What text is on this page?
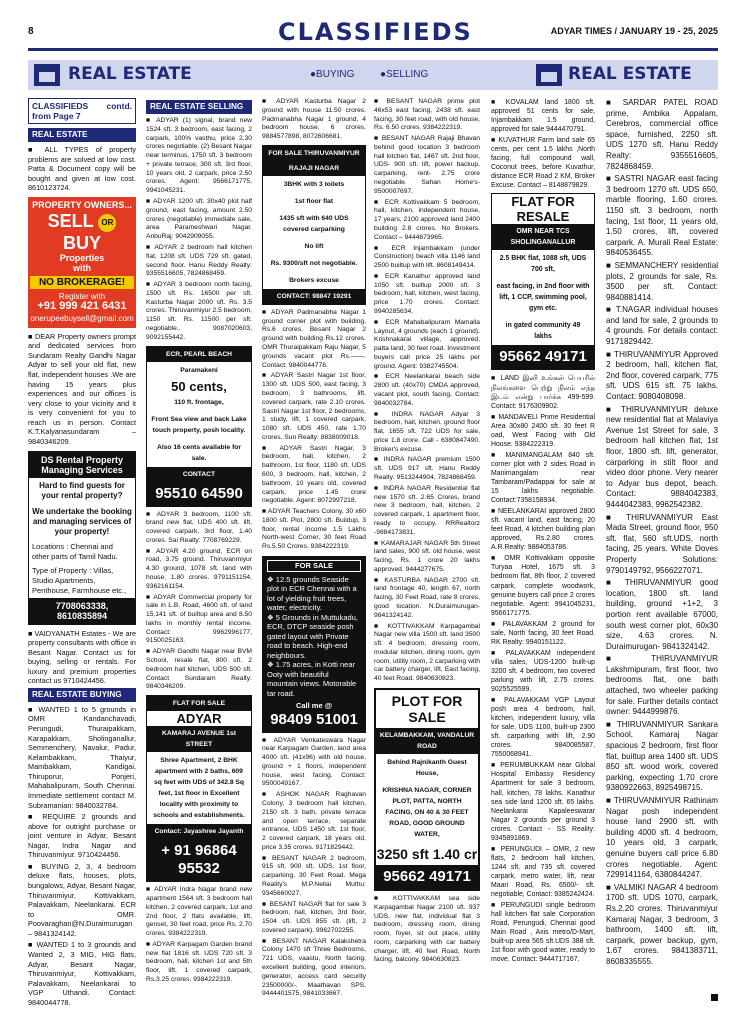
8	CLASSIFIEDS	ADYAR TIMES / JANUARY 19 - 25, 2025
REAL ESTATE	● BUYING	● SELLING	REAL ESTATE
CLASSIFIEDS contd. from Page 7
REAL ESTATE

■ ALL TYPES of property problems are solved at low cost. Patta & Document copy will be bought and given at low cost. 8610123724.

PROPERTY OWNERS...
SELL OR BUY
Properties
with
NO BROKERAGE!
Register with
+91 999 421 6431
onerupeebuysell@gmail.com

■ DEAR Property owners prompt and dedicated services from Sundaram Realty Gandhi Nagar Adyar to sell your old flat, new flat, independent houses .We are having 15 years plus experiences and our offices is very close to your vicinity and it is very convenient for you to reach us in person. Contact K.T.Kalyanasundaram – 9840346209.

DS Rental Property Managing Services
Hard to find guests for your rental property?
We undertake the booking and managing services of your property!
Locations : Chennai and other parts of Tamil Nadu.
Type of Property : Villas, Studio Apartments, Penthouse, Farmhouse etc.,
7708063338, 8610835894

■ VAIDYANATH Estates - We are property consultants with office in Besant Nagar. Contact us for buying, selling or rentals. For luxury and premium properties contact us 9710424456.

REAL ESTATE BUYING

■ WANTED 1 to 5 grounds in OMR Kandanchavadi, Perungudi, Thuraipakkam, Karapakkam, Sholinganallur, Semmenchery, Navalur, Padur, Kelambakkam, Thaiyur, Mambakkam, Kandigai, Thiruporur, Ponjeri, Mahabalipuram, South Chennai. Immediate settlement contact M. Subramanian: 9840032784.

■ REQUIRE 2 grounds and above for outright purchase or joint venture in Adyar, Besant Nagar, Indra Nagar and Thiruvanmiyur. 9710424456.

■ BUYING 2, 3, 4 bedroom deluxe flats, houses, plots, bungalows, Adyar, Besant Nagar, Thiruvanmiyur, Kottivakkam, Palavakkam, Neelankarai. ECR to OMR. Poovaraghan@N.Duraimurugan – 9841324142.

■ WANTED 1 to 3 grounds and Wanted 2, 3 MIG, HIG flats, Adyar, Besant Nagar, Thiruvanmiyur, Kottivakkam, Palavakkam, Neelankarai to VGP Uthandi. Contact: 9840044778.

REAL ESTATE SELLING

■ ADYAR (1) signal, brand new 1524 sft. 3 bedroom, east facing, 2 carpark, 100% vasthu, price 2.30 crores negotiable. (2) Besant Nagar near terminus, 1750 sft. 3 bedroom + private terrace, 300 sft. 3rd floor, 10 years old, 2 carpark, price 2.50 crores. Agent: 9566171775, 9941045231.

■ ADYAR 1200 sft. 30x40 plot half ground, east facing, amount 2.50 crores (negotiable) immediate sale, area Parameshwari Nagar. AnbuRaj: 9042909055.

■ ADYAR 2 bedroom hall kitchen flat, 1208 sft. UDS 729 sft. gated, second floor. Hanu Reddy Realty: 9355516605, 7824868459.

■ ADYAR 3 bedroom north facing, 1500 sft. Rs. 16500 per sft. Kasturba Nagar 2000 sft. Rs. 3.5 crores. Thiruvanmiyur 2.5 bedroom, 1150 sft. Rs. 11500 per sft. negotiable.. 9087020603, 9092155442.

ECR, PEARL BEACH
Paramakeni
50 cents,
110 ft. frontage,
Front Sea view and back Lake touch property, posh locality.
Also 16 cents available for sale.
CONTACT
95510 64590

■ ADYAR 3 bedroom, 1100 sft. brand new flat, UDS 400 sft. lift, covered carpark, 3rd floor, 1.40 crores. Sai Realty: 7708769229.

■ ADYAR 4.20 ground, ECR on road, 3.75 ground. Thiruvanmiyur 4.30 ground, 1078 sft. land with house, 1.80 crores. 9791151154, 9362161154.

■ ADYAR Commercial property for sale in L.B. Road, 4600 sft. of land 15,141 sft. of builtup area and 8.50 lakhs in monthly rental income. Contact: 9962996177, 9150025163.

■ ADYAR Gandhi Nagar near BVM School, resale flat, 800 sft. 2 bedroom hall kitchen, UDS 500 sft. Contact Sundaram Realty: 9840346209.

FLAT FOR SALE
ADYAR
KAMARAJ AVENUE 1st STREET
Shree Apartment, 2 BHK apartment with 2 baths, 609 sq feet with UDS of 342.8 Sq feet, 1st floor in Excellent locality with proximity to schools and establishments.
Contact: Jayashree Jayanth
+ 91 96864 95532

■ ADYAR Indra Nagar brand new apartment 1564 sft. 3 bedroom hall kitchen, 2 covered carpark, 1st and 2nd floor, 2 flats available, lift, genset, 30 feet road, price Rs. 2.70 crores. 9384222319.

■ ADYAR Karpagam Garden brand new flat 1816 sft. UDS 720 sft. 3 bedroom, hall, kitchen 1st and 5th floor, lift, 1 covered carpark, Rs.3.25 crores. 9384222319.

■ ADYAR Kasturba Nagar 2 ground with house 11.50 crores. Padmanabha Nagar 1 ground, 4 bedroom house, 6 crores. 9884577898, 8072606681.

FOR SALE THIRUVANMIYUR
RAJAJI NAGAR
3BHK with 3 toilets
1st floor flat
1435 sft with 640 UDS covered carparking
No lift
Rs. 9300/sft not negotiable.
Brokers excuse
CONTACT: 98847 19291

■ ADYAR Padmanabha Nagar 1 ground corner plot with building, Rs.6 crores. Besant Nagar 2 ground with building Rs.12 crores. OMR Thuraipakkam Raju Nagar, 5 grounds vacant plot Rs.——. Contact: 9840044778.

■ ADYAR Sastri Nagar 1st floor, 1300 sft. UDS 500, east facing, 3 bedroom, 3 bathrooms, lift, covered carpark, rate 2.10 crores. Sastri Nagar 1st floor, 2 bedrooms, 1 study, lift, 1 covered carpark, 1080 sft. UDS 450, rate 1.70 crores. Sun Realty: 8838009018.

■ ADYAR Sastri Nagar, 3 bedroom, hall, kitchen, 2 bathroom, 1st floor, 1180 sft. UDS 600, 3 bedroom, hall, kitchen, 2 bathroom, 10 years old, covered carpark, price 1.45 crore negotiable. Agent: 8072997218.

■ ADYAR Teachers Colony, 30 x60 1800 sft. Plot, 2800 sft. Buildup, 3 floor, rental income 1.5 Lakhs North-west Corner, 30 feet Road Rs.5.50 Crores. 9384222319.

FOR SALE
❖ 12.5 grounds Seaside plot in ECR Chennai with a lot of yielding fruit trees, water, electricity.
❖ 5 Grounds in Muttukadu, ECR, DTCP seaside posh gated layout with Private road to beach. High-end neighbours.
❖ 1.75 acres, in Kotti near Ooty with beautiful mountain views. Motorable tar road.
Call me @
98409 51001

■ ADYAR Venkateswara Nagar near Karpagam Garden, land area 4000 sft. (41x96) with old house, ground + 1 floors, independent house, west facing. Contact: 9500049167.

■ ASHOK NAGAR Raghavan Colony, 3 bedroom hall kitchen, 2150 sft. 3 bath, private terrace and open terrace, separate entrance, UDS 1450 sft. 1st floor, 2 covered carpark, 18 years old, price 3.35 crores. 9171829442.

■ BESANT NAGAR 2 bedroom, 915 sft. 900 sft. UDS, 1st floor, carparking, 30 Feet Road. Mega Reality's M.P.Nellai Muthu: 9345660027.

■ BESANT NAGAR flat for sale 3 bedroom, hall, kitchen, 3rd floor, 1504 sft. UDS 855 sft. (lift, 2 covered carpark). 9962702255.

■ BESANT NAGAR Kalakshetra Colony 1470 sft Three Bedrooms, 721 UDS, vaastu, North facing, excellent building, good interiors, generator, access card security 23500000/-. Maathavan SPS, 9444401575, 9841033667.

■ BESANT NAGAR prime plot 46x53 east facing, 2438 sft. east facing, 30 feet road, with old house, Rs. 6.50 crores. 9384222319.

■ BESANT NAGAR Rajaji Bhavan behind good location 3 bedroom hall kitchen flat, 1467 sft. 2nd floor, UDS- 900 sft. lift, power backup, carparking, rent- 2.75 crore negotiable. Sahan Home's- 9500007697.

■ ECR Kottivakkam 5 bedroom, hall, kitchen, independent house, 17 years, 2100 approved land 2400 building 2.8 crores. No Brokers. Contact – 9444673965.

■ ECR Injambakkam (under Construction) beach villa 1146 land 2500 builtup with lift. 8608149414.

■ ECR Kanathur approved land 1050 sft. builtup 2000 sft. 3 bedroom, hall, kitchen, west facing, price 1.70 crores. Contact: 9940285634.

■ ECR Mahabalipuram Mamalla Layout, 4 grounds (each 1 ground). Krishnakarai village, approved, patta land, 30 feet road. Investment buyers call price 25 lakhs per ground. Agent: 9382745504.

■ ECR Neelankarai beach side 2800 sft. (40x70) CMDA approved, vacant plot, south facing. Contact: 9840032784.

■ INDRA NAGAR Adyar 3 bedroom, hall, kitchen, ground floor flat, 1655 sft. 722 UDS for sale, price 1.8 crore. Call - 6380847490. Broker's excuse.

■ INDRA NAGAR premium 1500 sft. UDS 917 sft. Hanu Reddy Realty: 9513244904, 7824868459.

■ INDRA NAGAR Residential flat new 1570 sft. 2.65 Crores, brand new 3 bedroom, hall, kitchen, 2 covered carpark, 1 apartment floor, ready to occupy. RRRealtorz -9884173831.

■ KAMARAJAR NAGAR 5th Street land sales, 900 sft. old house, west facing, Rs. 1 crore 20 lakhs approved. 9444277675.

■ KASTURBA NAGAR 2700 sft. land frontage 40, length 67, north facing, 30 Feet Road, rate 8 crores, good location. N.Duraimurugan- 9841324142.

■ KOTTIVAKKAM Karpagambal Nagar new villa 1500 sft. land 3500 sft. 4 bedroom, dressing room, modular kitchen, dining room, gym room, utility room, 2 carparking with car battery charger, lift, East facing, 40 feet Road. 9840630823.

PLOT FOR SALE
KELAMBAKKAM, VANDALUR ROAD
Behind Rajnikanth Guest House,
KRISHNA NAGAR, CORNER PLOT, PATTA, NORTH FACING, ON 40 & 30 FEET ROAD, GOOD GROUND WATER,
3250 sft 1.40 cr
95662 49171

■ KOTTIVAKKAM sea side Karpagambal Nagar 2100 sft. 937 UDS, new flat, individual flat 3 bedroom, dressing room, dining room, foyer, sit out place, utility room, carparking with car battery charger, lift, 40 feet Road, North facing, balcony. 9840630823.

■ KOVALAM land 1800 sft. approved 51 cents for sale, Injambakkam 1.5 ground, approved for sale.9444470791.

■ KUVATHUR Farm land sale 65 cents, per cent 1.5 lakhs ,North facing, full compound wall, Coconut trees, before Kuvathur, distance ECR Road 2 KM, Broker Excuse. Contact – 8148879829.

FLAT FOR RESALE
OMR NEAR TCS SHOLINGANALLUR
2.5 BHK flat, 1088 sft, UDS 700 sft,
east facing, in 2nd floor with lift, 1 CCP, swimming pool, gym etc.
in gated community 49 lakhs
95662 49171

■ LAND இனி உங்கள் பெயரில் நிலங்களை பெற்று நிலம் எந்த இடம் என்று பார்க்க 499-599. Contact: 9176309902.

■ MANDAVELI Prime Residential Area 30x80 2400 sft. 30 feet R oad, West Facing with Old House. 9384222319.

■ MANIMANGALAM 840 sft. corner plot with 2 sides Road in Manimangalam near Tambaram/Padappai for sale at 15 lakhs negotiable. Contact:7358158934.

■ NEELANKARAI approved 2800 sft. vacant land, east facing, 20 feet Road, 4 kitchen building plan approved, Rs.2.80 crores. A.R.Realty: 9884053786.

■ OMR Kottivakkam opposite Turyaa Hotel, 1675 sft. 3 bedroom flat, 8th floor, 2 covered carpark, complete woodwork, genuine buyers call price 2 crores negotiable. Agent: 9941045231, 9566171775.

■ PALAVAKKAM 2 ground for sale, North facing, 30 feet Road. RK Realty: 9940151122.

■ PALAVAKKAM independent villa sales, UDS-1200 built-up 3200 sft. 4 bedroom, two covered parking with lift, 2.75 crores. 9025525599.

■ PALAVAKKAM VGP Layout posh area 4 bedroom, hall, kitchen, independent luxury, villa for sale, UDS 1100, built-up 2300 sft. carparking with lift, 2.90 crores. 9840085587, 7550068941.

■ PERUMBUKKAM near Global Hospital Embassy Residency Apartment for sale 3 bedroom, hall, kitchen, 78 lakhs. Kanathur sea side land 1200 sft. 65 lakhs. Neelankarai Kapaleeswarar Nagar 2 grounds per ground 3 crores. Contact - SS Reality: 9345891869.

■ PERUNGUDI – OMR, 2 new flats, 2 bedroom hall kitchen, 1244 sft. and 735 sft. covered carpark, metro water, lift, near Maari Road, Rs. 6500/- sft. negotiable, Contact: 9385242424.

■ PERUNGUDI single bedroom hall kitchen flat sale Corporation Road, Perungudi, Chennai good Main Road , Axis metro/D-Mart, built-up area 565 sft.UDS 388 sft. 1st floor with good water, ready to move. Contact: 9444717167.

■ SARDAR PATEL ROAD prime, Ambika Appalam, Cerebros, commercial office space, furnished, 2250 sft. UDS 1270 sft. Hanu Reddy Realty: 9355516605, 7824868459.

■ SASTRI NAGAR east facing 3 bedroom 1270 sft. UDS 650, marble flooring, 1.60 crores. 1150 sft. 3 bedroom, north facing, 1st floor, 11 years old, 1.50 crores, lift, covered carpark. A. Murali Real Estate: 9840536455.

■ SEMMANCHERY residential plots, 2 grounds for sale, Rs. 3500 per sft. Contact: 9840881414.

■ T.NAGAR individual houses and land for sale, 2 grounds to 4 grounds. For details contact: 9171829442.

■ THIRUVANMIYUR Approved 2 bedroom, hall, kitchen flat, 2nd floor, covered carpark, 775 sft. UDS 615 sft. 75 lakhs. Contact: 9080408098.

■ THIRUVANMIYUR deluxe new residential flat at Malaviya Avenue 1st Street for sale, 3 bedroom hall kitchen flat, 1st floor, 1800 sft. lift, generator, carparking in stilt floor and video door phone. Very nearer to Adyar bus depot, beach. Contact: 9884042383, 9444042383, 9962542382.

■ THIRUVANMIYUR East Mada Street, ground floor, 950 sft. flat, 560 sft.UDS, north facing, 25 years. White Doves Property Solutions: 9790149792, 9566227071.

■ THIRUVANMIYUR good location, 1800 sft. land building, ground +1+2, 3 portion rent available 67000, south west corner plot, 60x30 size, 4.63 crores. N. Duraimurugan- 9841324142.

■ THIRUVANMIYUR Lakshmipuram, first floor, two bedrooms flat, one bath attached, two wheeler parking for sale. Further details contact owner: 9444999876.

■ THIRUVANMIYUR Sankara School, Kamaraj Nagar spacious 2 bedroom, first floor flat, builtup area 1400 sft. UDS 850 sft. wood work, covered parking, expecting 1.70 crore 9380922663, 8925498715.

■ THIRUVANMIYUR Rathinam Nagar posh independent house land 2900 sft. with building 4000 sft. 4 bedroom, 10 years old, 3 carpark, genuine buyers call price 6.80 crores negotiable. Agent: 7299141164, 6380844247.

■ VALMIKI NAGAR 4 bedroom 1700 sft. UDS 1070, carpark, Rs.2.20 crores. Thiruvanmiyur Kamaraj Nagar, 3 bedroom, 3 bathroom, 1400 sft. lift, carpark, power backup, gym, 1.67 crores. 9841383711, 8608335555.
